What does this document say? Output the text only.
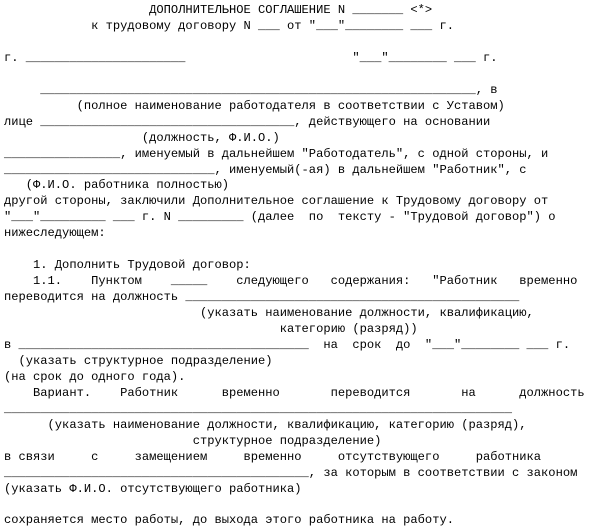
ДОПОЛНИТЕЛЬНОЕ СОГЛАШЕНИЕ N _______ <*>
к трудовому договору N ___ от "___"________ ___ г.
г. ______________________                       "___"________ ___ г.
____________________________________________________________, в
(полное наименование работодателя в соответствии с Уставом)
лице ___________________________________, действующего на основании
(должность, Ф.И.О.)
________________, именуемый в дальнейшем "Работодатель", с одной стороны, и
_____________________________, именуемый(-ая) в дальнейшем "Работник", с
(Ф.И.О. работника полностью)
другой стороны, заключили Дополнительное соглашение к Трудовому договору от
"___"_________ ___ г. N _________ (далее  по  тексту - "Трудовой договор") о
нижеследующем:
1. Дополнить Трудовой договор:
1.1.    Пунктом    _____    следующего   содержания:   "Работник   временно
переводится на должность ______________________________________________
(указать наименование должности, квалификацию,
категорию (разряд))
в ________________________________________  на  срок  до  "___"________ ___ г.
(указать структурное подразделение)
(на срок до одного года).
Вариант.    Работник      временно       переводится       на      должность
______________________________________________________________________
(указать наименование должности, квалификацию, категорию (разряд),
структурное подразделение)
в связи     с     замещением     временно     отсутствующего     работника
__________________________________________, за которым в соответствии с законом
(указать Ф.И.О. отсутствующего работника)
сохраняется место работы, до выхода этого работника на работу.
